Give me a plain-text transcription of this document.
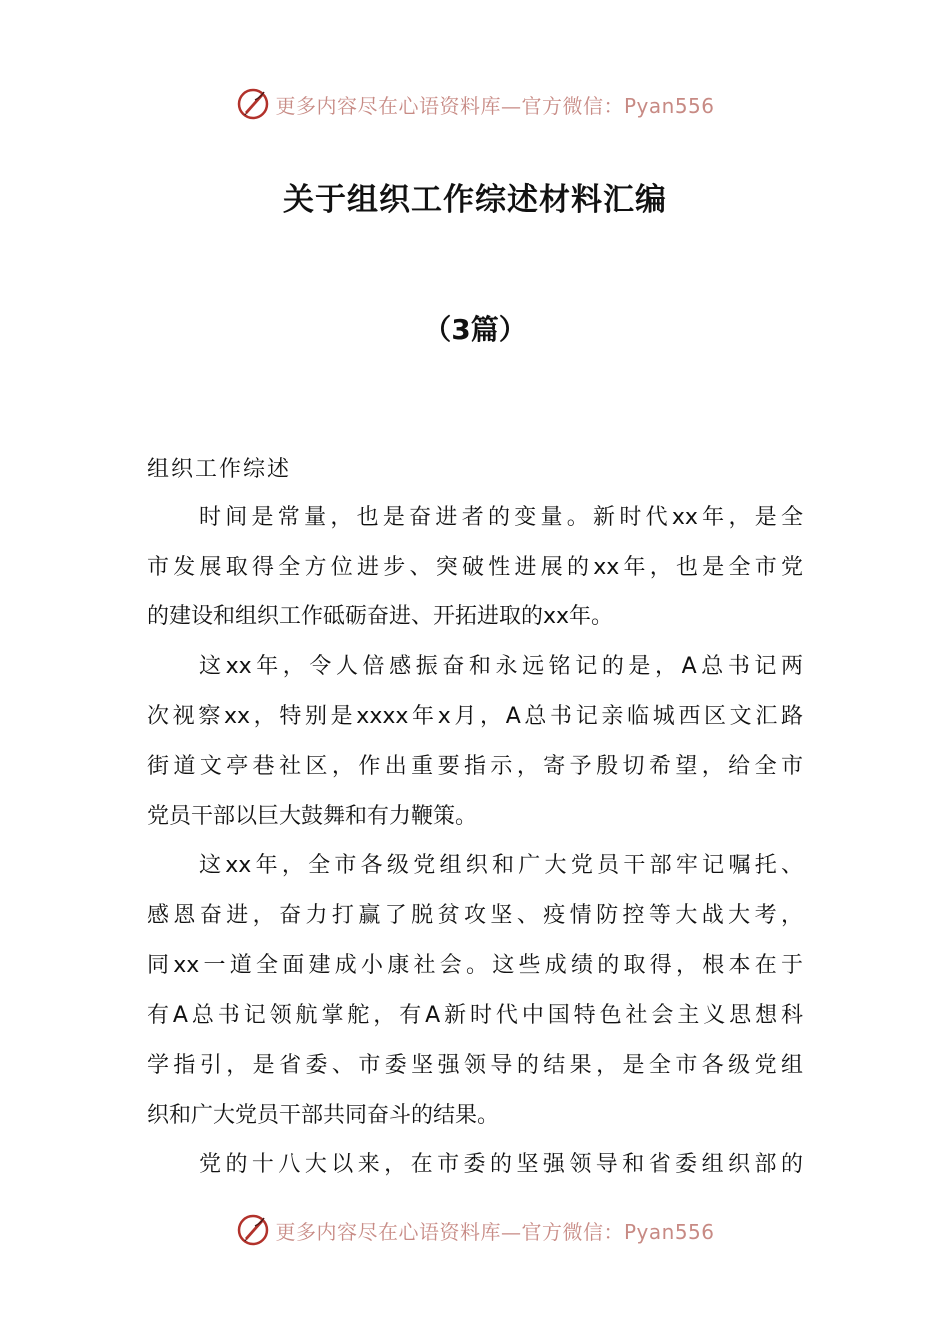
更多内容尽在心语资料库—官方微信：Pyan556
关于组织工作综述材料汇编
（3篇）
组织工作综述
时间是常量，也是奋进者的变量。新时代xx年，是全
市发展取得全方位进步、突破性进展的xx年，也是全市党
的建设和组织工作砥砺奋进、开拓进取的xx年。
这xx年，令人倍感振奋和永远铭记的是，A总书记两
次视察xx，特别是xxxx年x月，A总书记亲临城西区文汇路
街道文亭巷社区，作出重要指示，寄予殷切希望，给全市
党员干部以巨大鼓舞和有力鞭策。
这xx年，全市各级党组织和广大党员干部牢记嘱托、
感恩奋进，奋力打赢了脱贫攻坚、疫情防控等大战大考，
同xx一道全面建成小康社会。这些成绩的取得，根本在于
有A总书记领航掌舵，有A新时代中国特色社会主义思想科
学指引，是省委、市委坚强领导的结果，是全市各级党组
织和广大党员干部共同奋斗的结果。
党的十八大以来，在市委的坚强领导和省委组织部的
更多内容尽在心语资料库—官方微信：Pyan556
